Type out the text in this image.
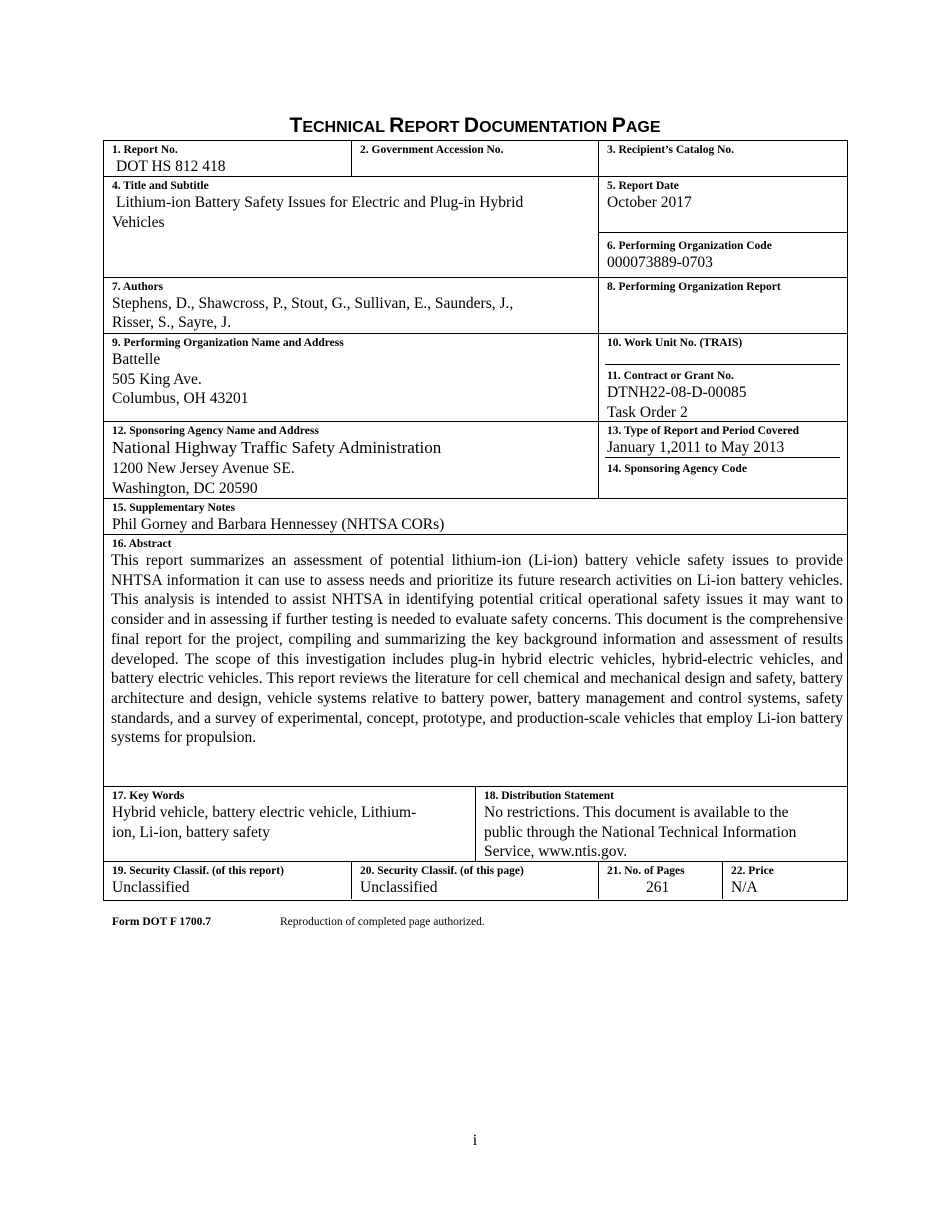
TECHNICAL REPORT DOCUMENTATION PAGE
1. Report No.
DOT HS 812 418
2. Government Accession No.	3. Recipient’s Catalog No.
4. Title and Subtitle
Lithium-ion Battery Safety Issues for Electric and Plug-in Hybrid
Vehicles
5. Report Date
October 2017
6. Performing Organization Code
000073889-0703
7. Authors
Stephens, D., Shawcross, P., Stout, G., Sullivan, E., Saunders, J.,
Risser, S., Sayre, J.
8. Performing Organization Report
9. Performing Organization Name and Address
Battelle
505 King Ave.
Columbus, OH 43201
10. Work Unit No. (TRAIS)
11. Contract or Grant No.
DTNH22-08-D-00085
Task Order 2
12. Sponsoring Agency Name and Address
National Highway Traffic Safety Administration
1200 New Jersey Avenue SE.
Washington, DC 20590
13. Type of Report and Period Covered
January 1,2011 to May 2013
14. Sponsoring Agency Code
15. Supplementary Notes
Phil Gorney and Barbara Hennessey (NHTSA CORs)
16. Abstract
This report summarizes an assessment of potential lithium-ion (Li-ion) battery vehicle safety issues to provide NHTSA information it can use to assess needs and prioritize its future research activities on Li-ion battery vehicles. This analysis is intended to assist NHTSA in identifying potential critical operational safety issues it may want to consider and in assessing if further testing is needed to evaluate safety concerns. This document is the comprehensive final report for the project, compiling and summarizing the key background information and assessment of results developed. The scope of this investigation includes plug-in hybrid electric vehicles, hybrid-electric vehicles, and battery electric vehicles. This report reviews the literature for cell chemical and mechanical design and safety, battery architecture and design, vehicle systems relative to battery power, battery management and control systems, safety standards, and a survey of experimental, concept, prototype, and production-scale vehicles that employ Li-ion battery systems for propulsion.
17. Key Words
Hybrid vehicle, battery electric vehicle, Lithium-
ion, Li-ion, battery safety
18. Distribution Statement
No restrictions. This document is available to the
public through the National Technical Information
Service, www.ntis.gov.
19. Security Classif. (of this report)
Unclassified
20. Security Classif. (of this page)
Unclassified
21. No. of Pages
261
22. Price
N/A
Form DOT F 1700.7	Reproduction of completed page authorized.
i
